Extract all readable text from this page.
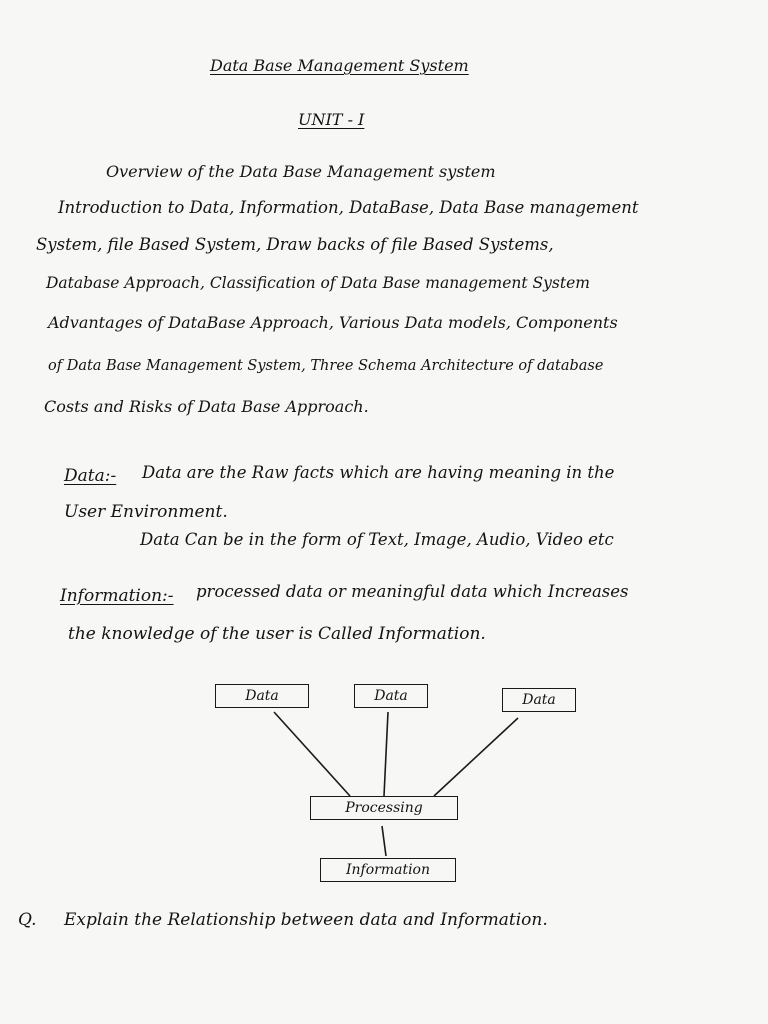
Data Base Management System
UNIT - I
Overview of the Data Base Management system
Introduction to Data, Information, DataBase, Data Base management
System, file Based System, Draw backs of file Based Systems,
Database Approach, Classification of Data Base management System
Advantages of DataBase Approach, Various Data models, Components
of Data Base Management System, Three Schema Architecture of database
Costs and Risks of Data Base Approach.
Data:- Data are the Raw facts which are having meaning in the
User Environment.
Data Can be in the form of Text, Image, Audio, Video etc
Information:- processed data or meaningful data which Increases
the knowledge of the user is Called Information.
Data	Data	Data
Processing
Information
Q. Explain the Relationship between data and Information.
